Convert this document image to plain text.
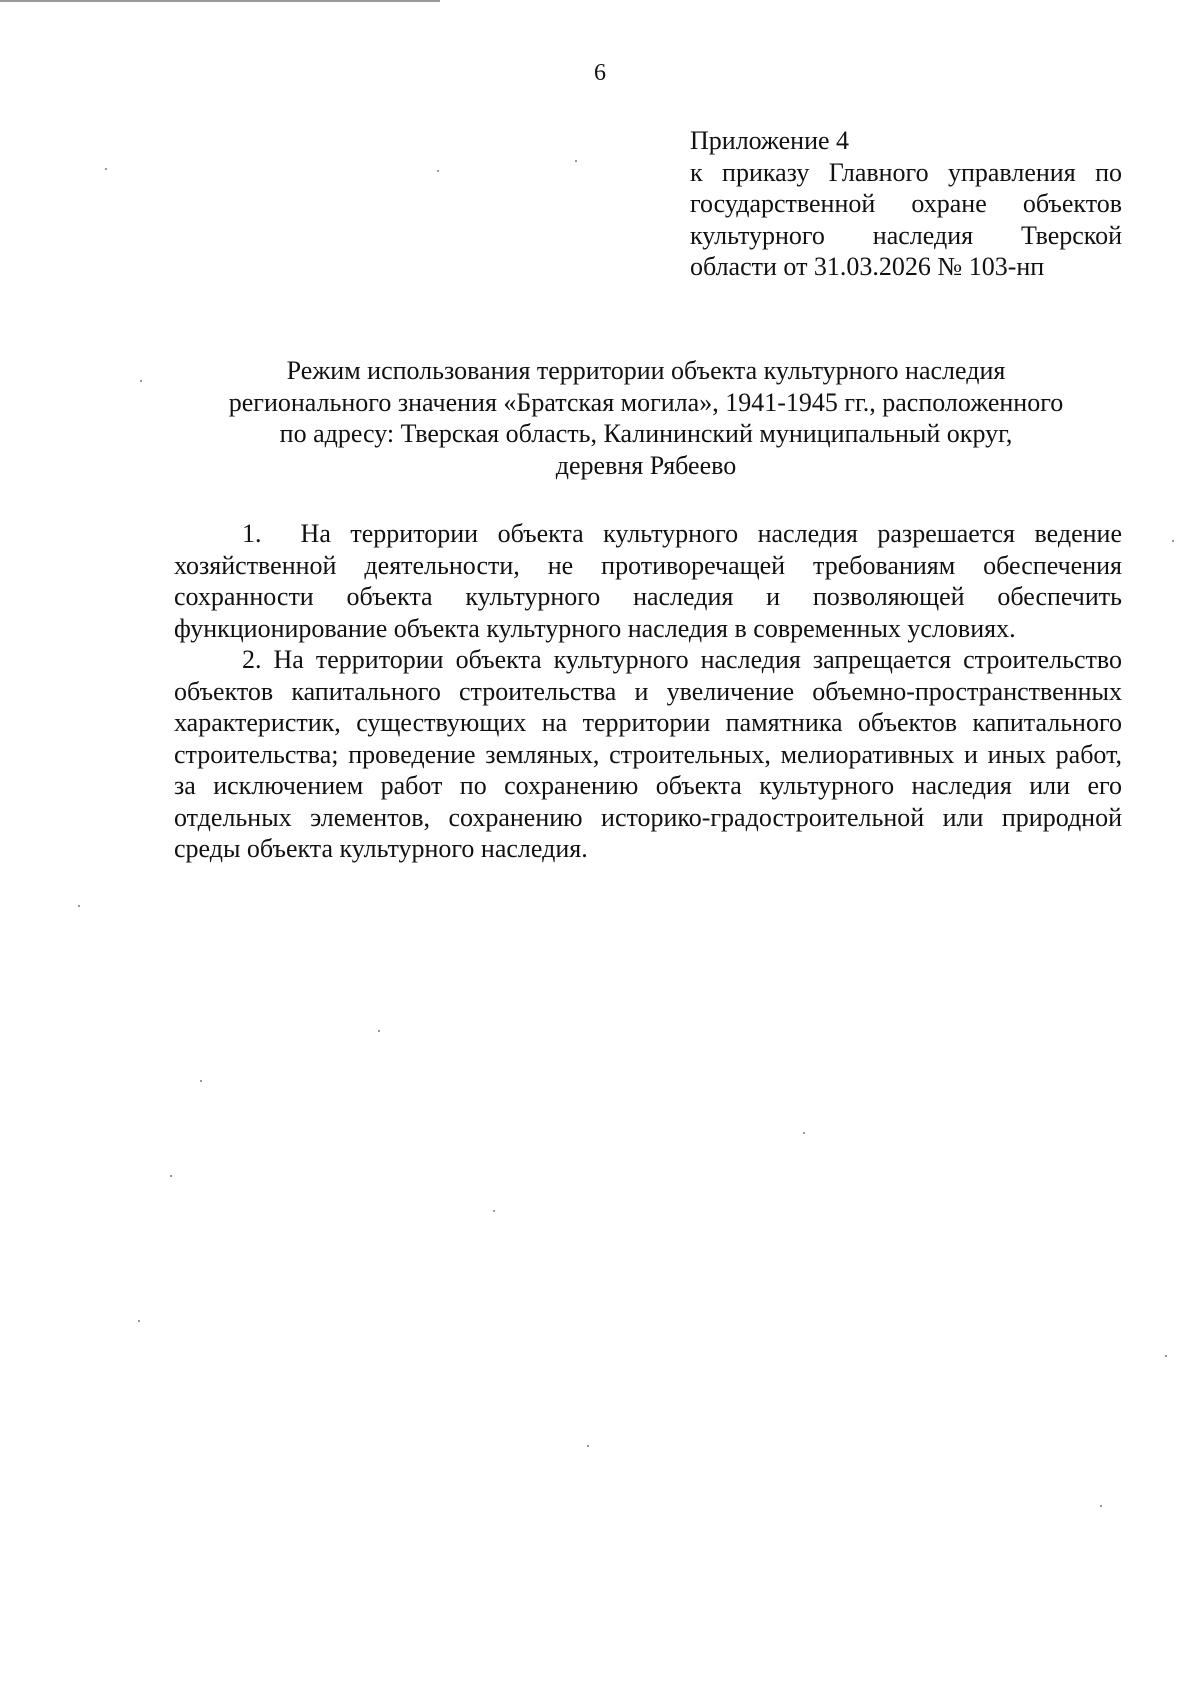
6
Приложение 4
к приказу Главного управления по государственной охране объектов культурного наследия Тверской области от 31.03.2026 № 103-нп
Режим использования территории объекта культурного наследия
регионального значения «Братская могила», 1941-1945 гг., расположенного
по адресу: Тверская область, Калининский муниципальный округ,
деревня Рябеево

1. На территории объекта культурного наследия разрешается ведение хозяйственной деятельности, не противоречащей требованиям обеспечения сохранности объекта культурного наследия и позволяющей обеспечить функционирование объекта культурного наследия в современных условиях.

2. На территории объекта культурного наследия запрещается строительство объектов капитального строительства и увеличение объемно-пространственных характеристик, существующих на территории памятника объектов капитального строительства; проведение земляных, строительных, мелиоративных и иных работ, за исключением работ по сохранению объекта культурного наследия или его отдельных элементов, сохранению историко-градостроительной или природной среды объекта культурного наследия.
